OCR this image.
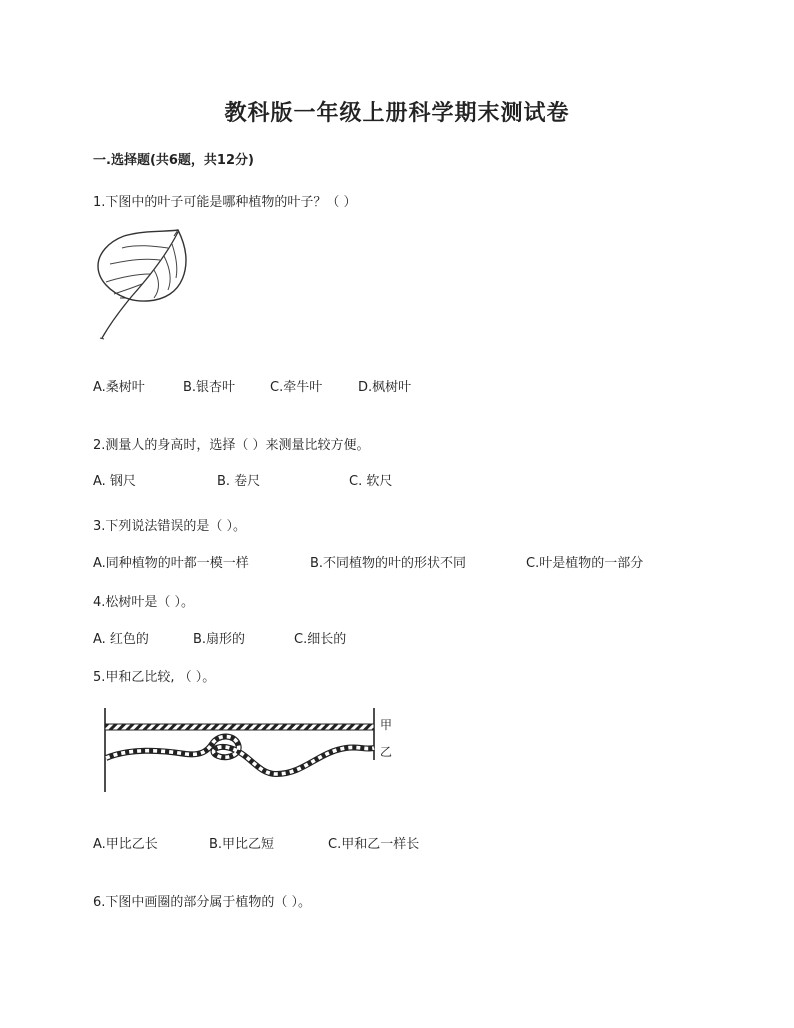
教科版一年级上册科学期末测试卷
一.选择题(共6题，共12分)
1.下图中的叶子可能是哪种植物的叶子？（ ）
A.桑树叶	B.银杏叶	C.牵牛叶	D.枫树叶
2.测量人的身高时，选择（ ）来测量比较方便。
A. 钢尺	B. 卷尺	C. 软尺
3.下列说法错误的是（ ）。
A.同种植物的叶都一模一样	B.不同植物的叶的形状不同	C.叶是植物的一部分
4.松树叶是（ ）。
A. 红色的	B.扇形的	C.细长的
5.甲和乙比较, （ ）。
甲
乙
A.甲比乙长	B.甲比乙短	C.甲和乙一样长
6.下图中画圈的部分属于植物的（ ）。
